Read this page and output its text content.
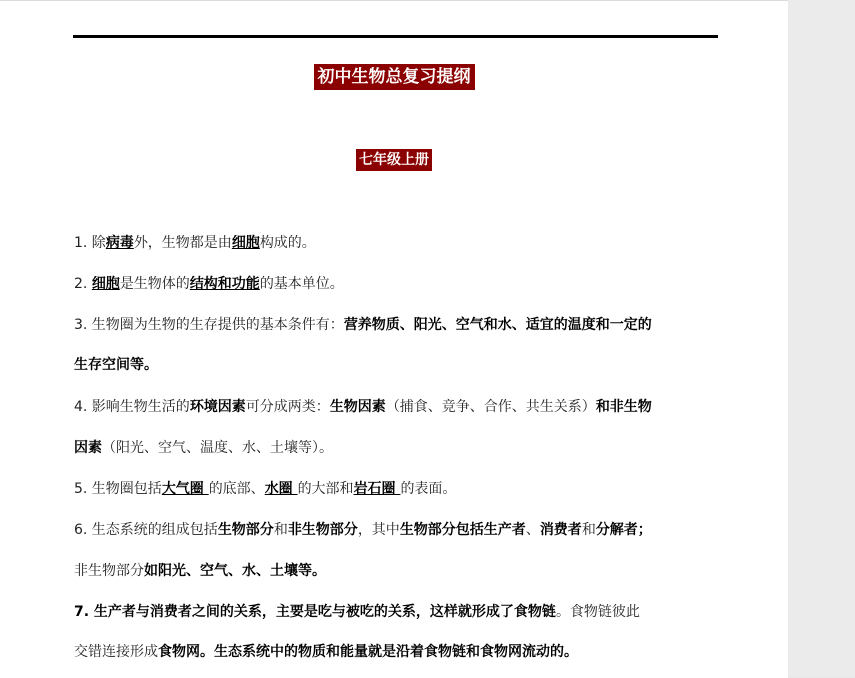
初中生物总复习提纲
七年级上册
1. 除病毒外，生物都是由细胞构成的。
2. 细胞是生物体的结构和功能的基本单位。
3. 生物圈为生物的生存提供的基本条件有：营养物质、阳光、空气和水、适宜的温度和一定的
生存空间等。
4. 影响生物生活的环境因素可分成两类：生物因素（捕食、竞争、合作、共生关系）和非生物
因素（阳光、空气、温度、水、土壤等）。
5. 生物圈包括大气圈 的底部、水圈 的大部和岩石圈 的表面。
6. 生态系统的组成包括生物部分和非生物部分，其中生物部分包括生产者、消费者和分解者；
非生物部分如阳光、空气、水、土壤等。
7. 生产者与消费者之间的关系，主要是吃与被吃的关系，这样就形成了食物链。食物链彼此
交错连接形成食物网。生态系统中的物质和能量就是沿着食物链和食物网流动的。
